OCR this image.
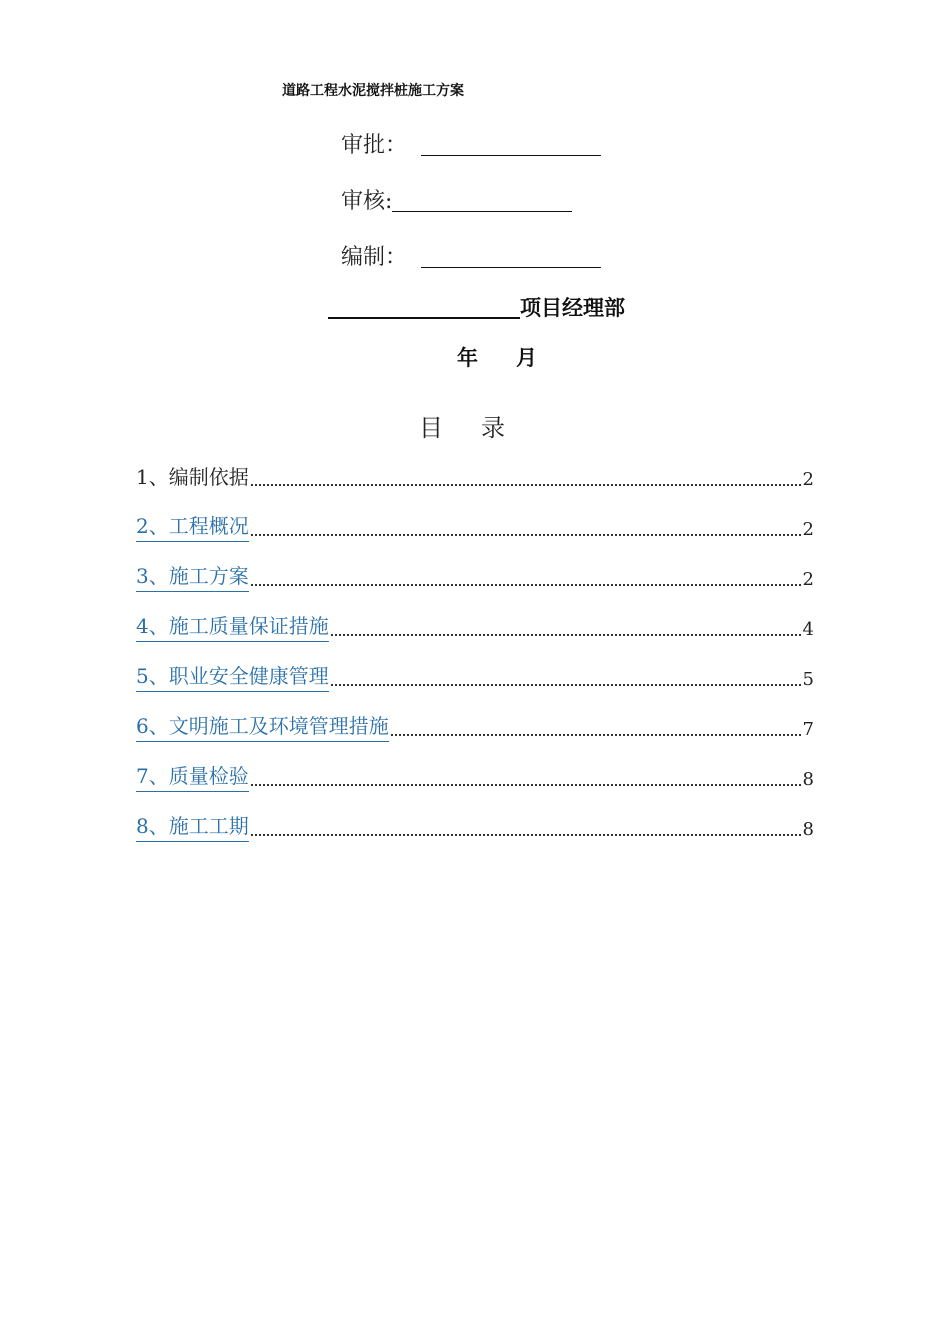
道路工程水泥搅拌桩施工方案
审批：
审核:
编制：
项目经理部
年 月
目 录
1、编制依据	2
2、工程概况	2
3、施工方案	2
4、施工质量保证措施	4
5、职业安全健康管理	5
6、文明施工及环境管理措施	7
7、质量检验	8
8、施工工期	8
